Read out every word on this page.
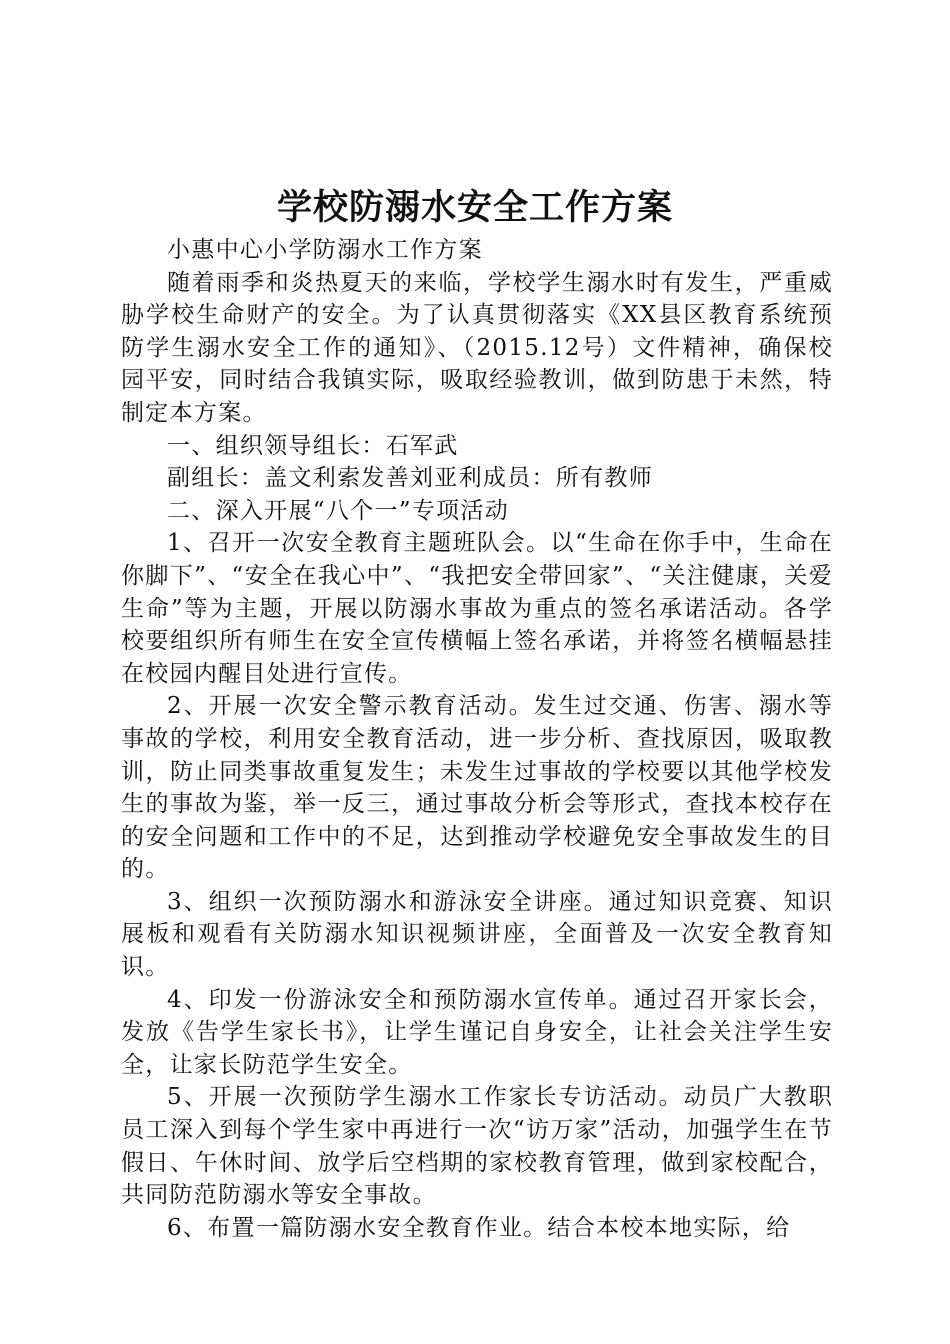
学校防溺水安全工作方案

小惠中心小学防溺水工作方案

随着雨季和炎热夏天的来临，学校学生溺水时有发生，严重威胁学校生命财产的安全。为了认真贯彻落实《XX县区教育系统预防学生溺水安全工作的通知》、（2015.12号）文件精神，确保校园平安，同时结合我镇实际，吸取经验教训，做到防患于未然，特制定本方案。

一、组织领导组长：石军武

副组长：盖文利索发善刘亚利成员：所有教师

二、深入开展“八个一”专项活动

1、召开一次安全教育主题班队会。以“生命在你手中，生命在你脚下”、“安全在我心中”、“我把安全带回家”、“关注健康，关爱生命”等为主题，开展以防溺水事故为重点的签名承诺活动。各学校要组织所有师生在安全宣传横幅上签名承诺，并将签名横幅悬挂在校园内醒目处进行宣传。

2、开展一次安全警示教育活动。发生过交通、伤害、溺水等事故的学校，利用安全教育活动，进一步分析、查找原因，吸取教训，防止同类事故重复发生；未发生过事故的学校要以其他学校发生的事故为鉴，举一反三，通过事故分析会等形式，查找本校存在的安全问题和工作中的不足，达到推动学校避免安全事故发生的目的。

3、组织一次预防溺水和游泳安全讲座。通过知识竞赛、知识展板和观看有关防溺水知识视频讲座，全面普及一次安全教育知识。

4、印发一份游泳安全和预防溺水宣传单。通过召开家长会，发放《告学生家长书》，让学生谨记自身安全，让社会关注学生安全，让家长防范学生安全。

5、开展一次预防学生溺水工作家长专访活动。动员广大教职员工深入到每个学生家中再进行一次“访万家”活动，加强学生在节假日、午休时间、放学后空档期的家校教育管理，做到家校配合，共同防范防溺水等安全事故。

6、布置一篇防溺水安全教育作业。结合本校本地实际，给
